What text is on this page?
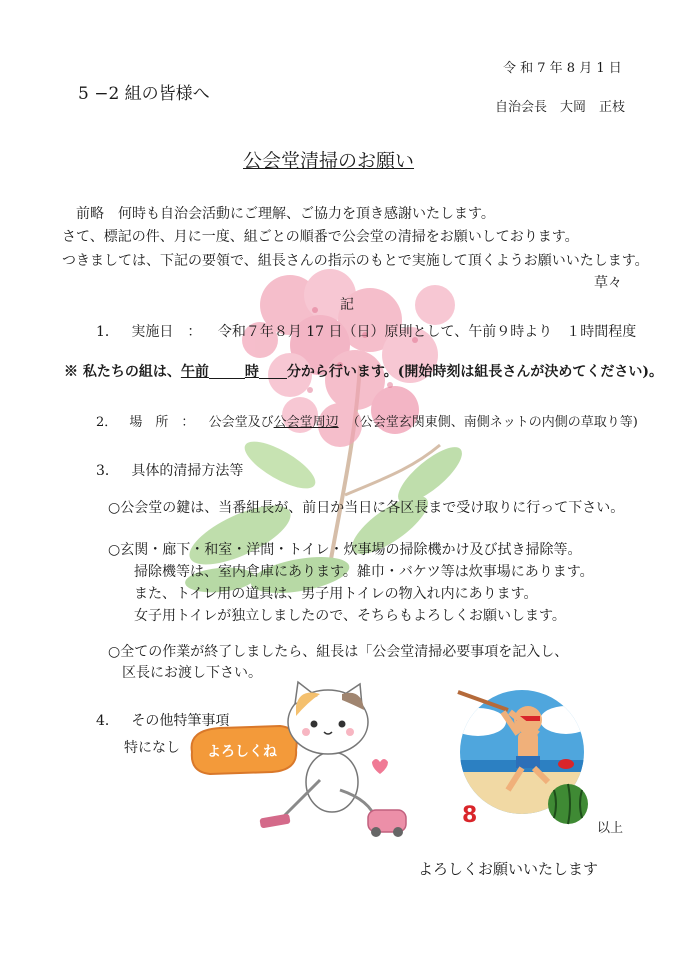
令 和 7 年 8 月 1 日
5 −2 組の皆様へ
自治会長　大岡　正枝
公会堂清掃のお願い
前略　何時も自治会活動にご理解、ご協力を頂き感謝いたします。
さて、標記の件、月に一度、組ごとの順番で公会堂の清掃をお願いしております。
つきましては、下記の要領で、組長さんの指示のもとで実施して頂くようお願いいたします。
草々
記
1． 実施日　： 令和７年８月 17 日（日）原則として、午前９時より　１時間程度
※ 私たちの組は、午前	時 分から行います。(開始時刻は組長さんが決めてください)。
2． 場　所　： 公会堂及び公会堂周辺 （公会堂玄関東側、南側ネットの内側の草取り等)
3． 具体的清掃方法等
○公会堂の鍵は、当番組長が、前日か当日に各区長まで受け取りに行って下さい。
○玄関・廊下・和室・洋間・トイレ・炊事場の掃除機かけ及び拭き掃除等。
掃除機等は、室内倉庫にあります。雑巾・バケツ等は炊事場にあります。
また、トイレ用の道具は、男子用トイレの物入れ内にあります。
女子用トイレが独立しましたので、そちらもよろしくお願いします。
○全ての作業が終了しましたら、組長は「公会堂清掃必要事項を記入し、
区長にお渡し下さい。
4． その他特筆事項
特になし よろしくね
8
以上
よろしくお願いいたします
